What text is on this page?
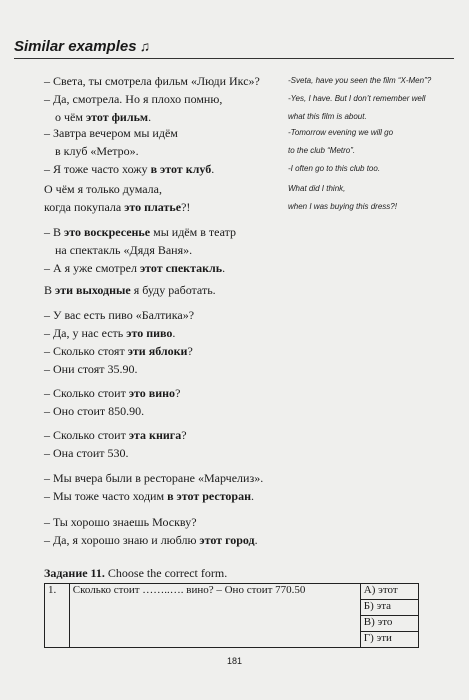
Similar examples ♫
– Света, ты смотрела фильм «Люди Икс»?
– Да, смотрела. Но я плохо помню,
о чём этот фильм.
-Sveta, have you seen the film “X-Men”?
-Yes, I have. But I don’t remember well
what this film is about.
– Завтра вечером мы идём
в клуб «Метро».
– Я тоже часто хожу в этот клуб.
-Tomorrow evening we will go
to the club “Metro”.
-I often go to this club too.
О чём я только думала,
когда покупала это платье?!
What did I think,
when I was buying this dress?!
– В это воскресенье мы идём в театр
на спектакль «Дядя Ваня».
– А я уже смотрел этот спектакль.
В эти выходные я буду работать.
– У вас есть пиво «Балтика»?
– Да, у нас есть это пиво.
– Сколько стоят эти яблоки?
– Они стоят 35.90.
– Сколько стоит это вино?
– Оно стоит 850.90.
– Сколько стоит эта книга?
– Она стоит 530.
– Мы вчера были в ресторане «Марчелиз».
– Мы тоже часто ходим в этот ресторан.
– Ты хорошо знаешь Москву?
– Да, я хорошо знаю и люблю этот город.
Задание 11. Choose the correct form.
1.	Сколько стоит ……..…. вино? – Оно стоит 770.50	А) этот
Б) эта
В) это
Г) эти
181
